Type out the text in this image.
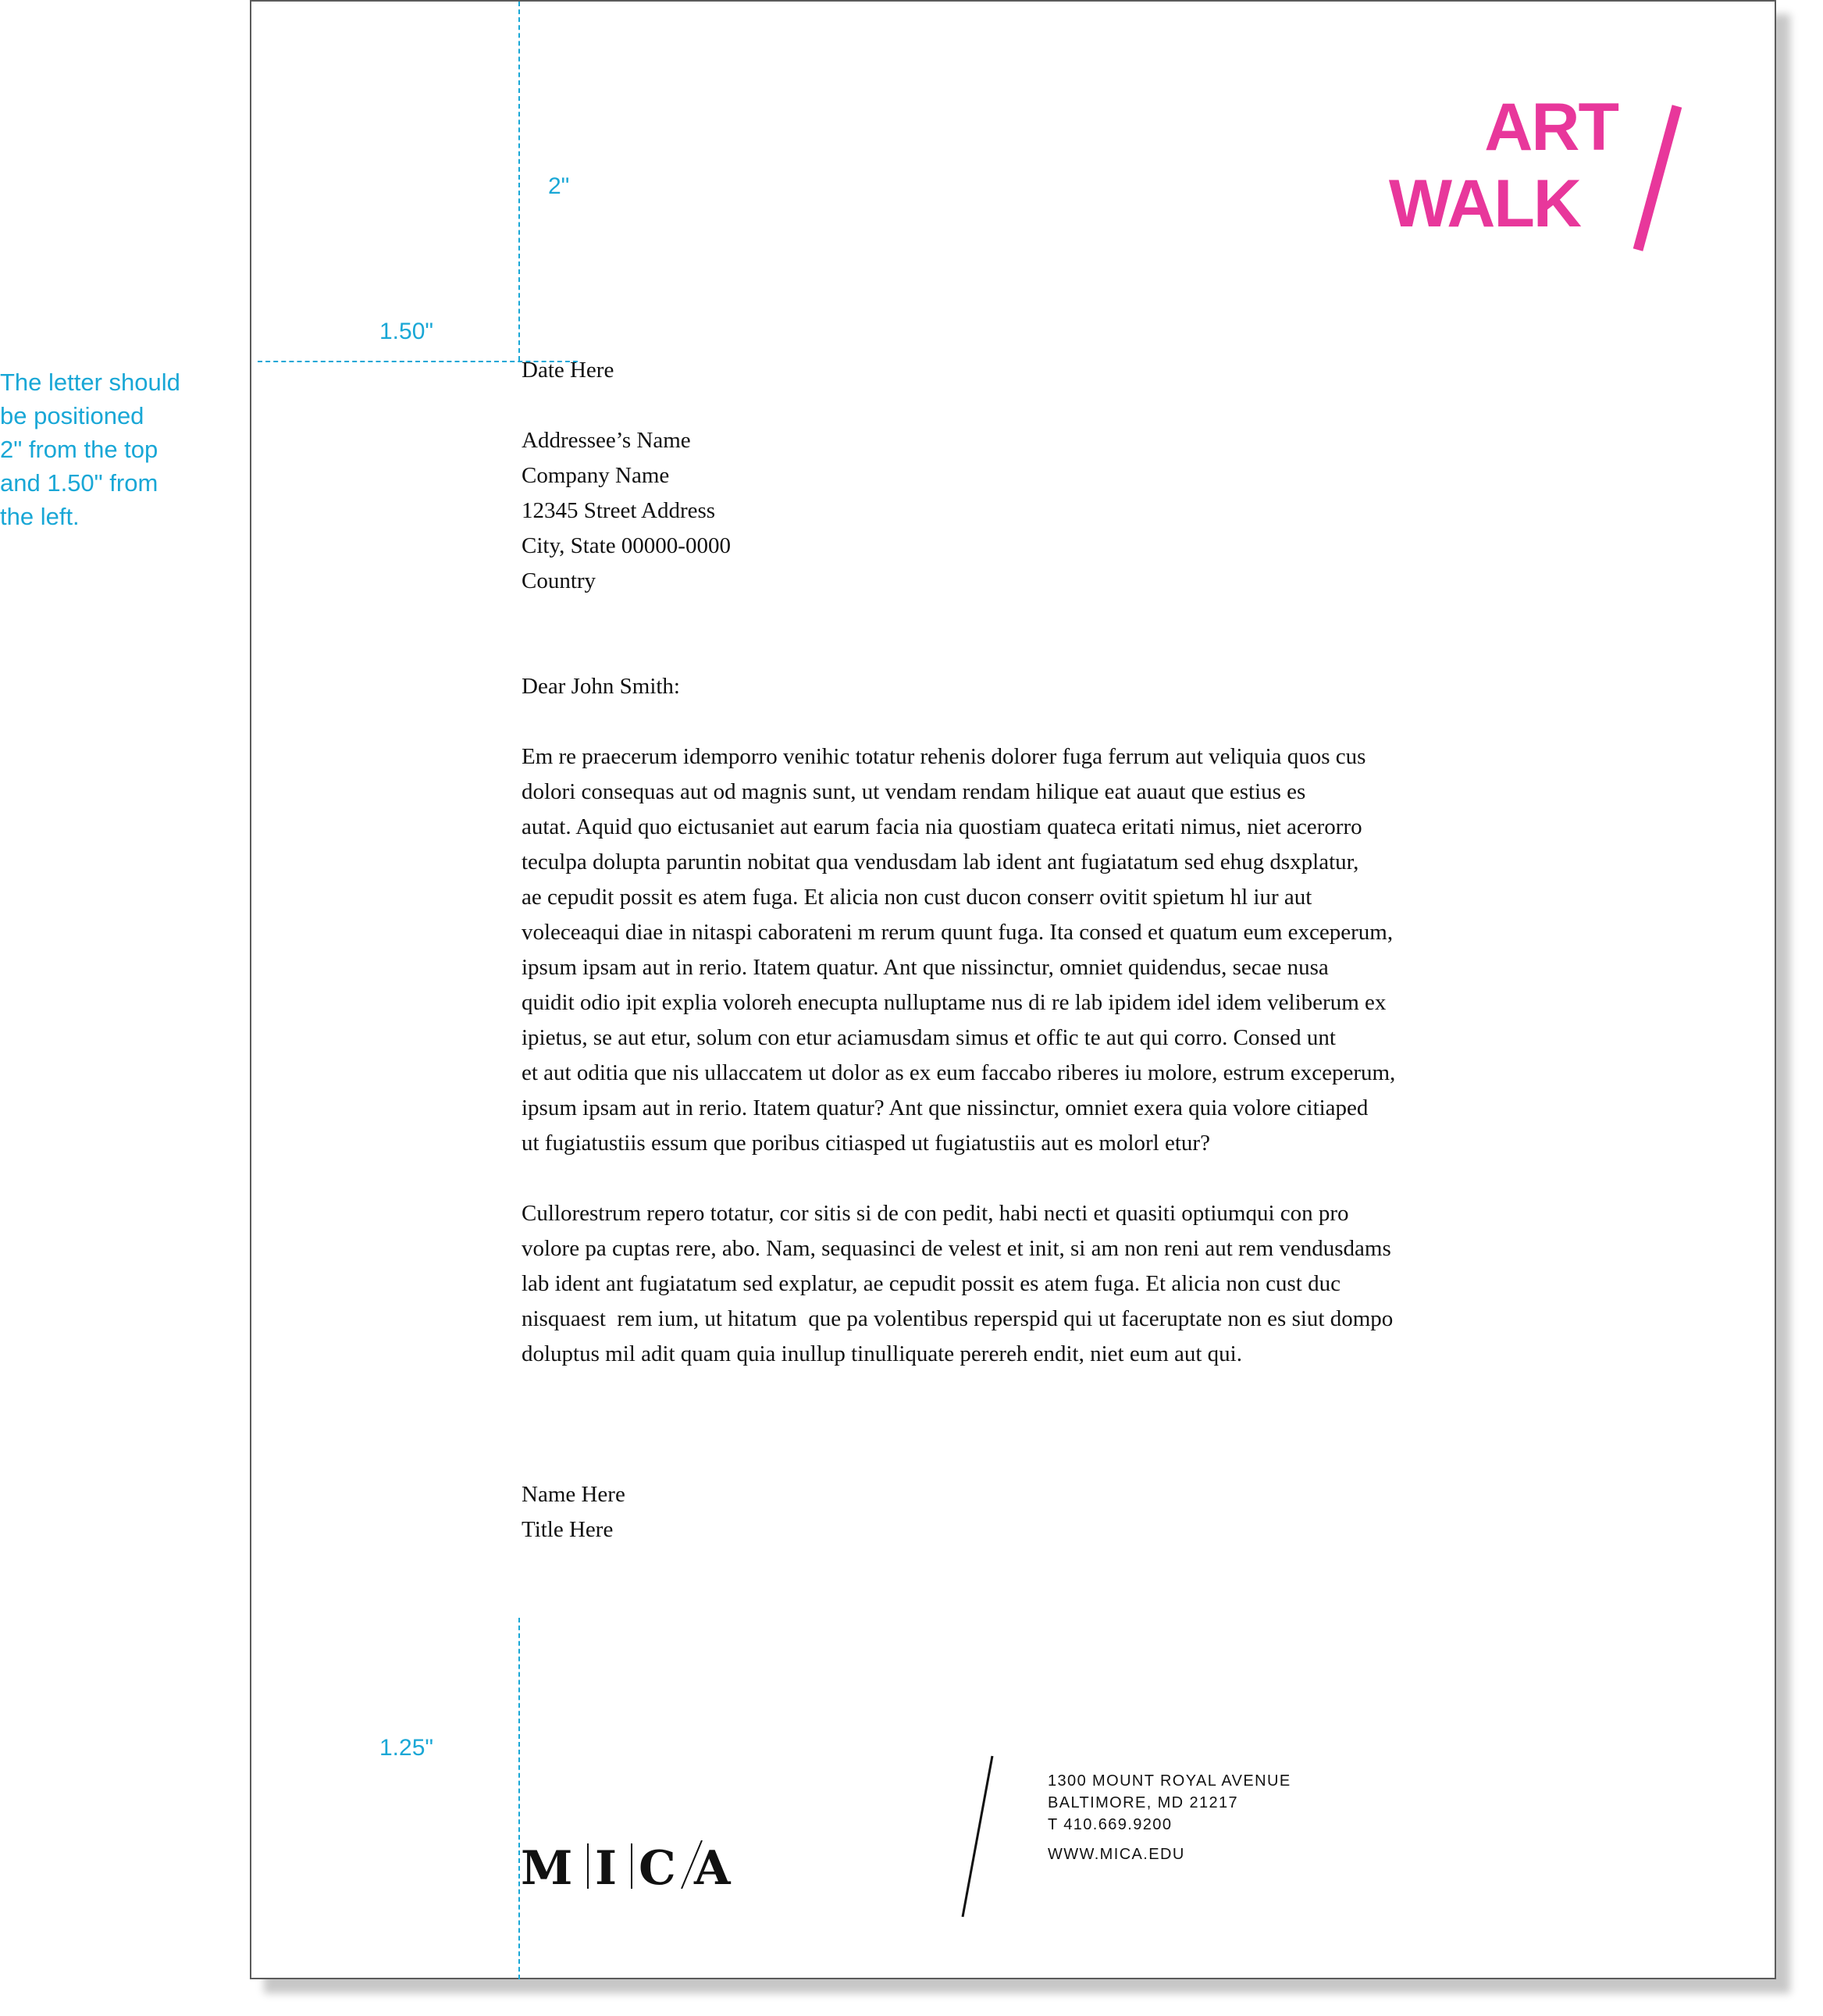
The letter should
be positioned
2" from the top
and 1.50" from
the left.
2"
1.50"
1.25"
ART
WALK
Date Here
Addressee’s Name
Company Name
12345 Street Address
City, State 00000-0000
Country
Dear John Smith:
Em re praecerum idemporro venihic totatur rehenis dolorer fuga ferrum aut veliquia quos cus
dolori consequas aut od magnis sunt, ut vendam rendam hilique eat auaut que estius es
autat. Aquid quo eictusaniet aut earum facia nia quostiam quateca eritati nimus, niet acerorro
teculpa dolupta paruntin nobitat qua vendusdam lab ident ant fugiatatum sed ehug dsxplatur,
ae cepudit possit es atem fuga. Et alicia non cust ducon conserr ovitit spietum hl iur aut
voleceaqui diae in nitaspi caborateni m rerum quunt fuga. Ita consed et quatum eum exceperum,
ipsum ipsam aut in rerio. Itatem quatur. Ant que nissinctur, omniet quidendus, secae nusa
quidit odio ipit explia voloreh enecupta nulluptame nus di re lab ipidem idel idem veliberum ex
ipietus, se aut etur, solum con etur aciamusdam simus et offic te aut qui corro. Consed unt
et aut oditia que nis ullaccatem ut dolor as ex eum faccabo riberes iu molore, estrum exceperum,
ipsum ipsam aut in rerio. Itatem quatur? Ant que nissinctur, omniet exera quia volore citiaped
ut fugiatustiis essum que poribus citiasped ut fugiatustiis aut es molorl etur?
Cullorestrum repero totatur, cor sitis si de con pedit, habi necti et quasiti optiumqui con pro
volore pa cuptas rere, abo. Nam, sequasinci de velest et init, si am non reni aut rem vendusdams
lab ident ant fugiatatum sed explatur, ae cepudit possit es atem fuga. Et alicia non cust duc
nisquaest  rem ium, ut hitatum  que pa volentibus reperspid qui ut faceruptate non es siut dompo
doluptus mil adit quam quia inullup tinulliquate perereh endit, niet eum aut qui.
Name Here
Title Here
M I C A
1300 MOUNT ROYAL AVENUE
BALTIMORE, MD 21217
T 410.669.9200
WWW.MICA.EDU
